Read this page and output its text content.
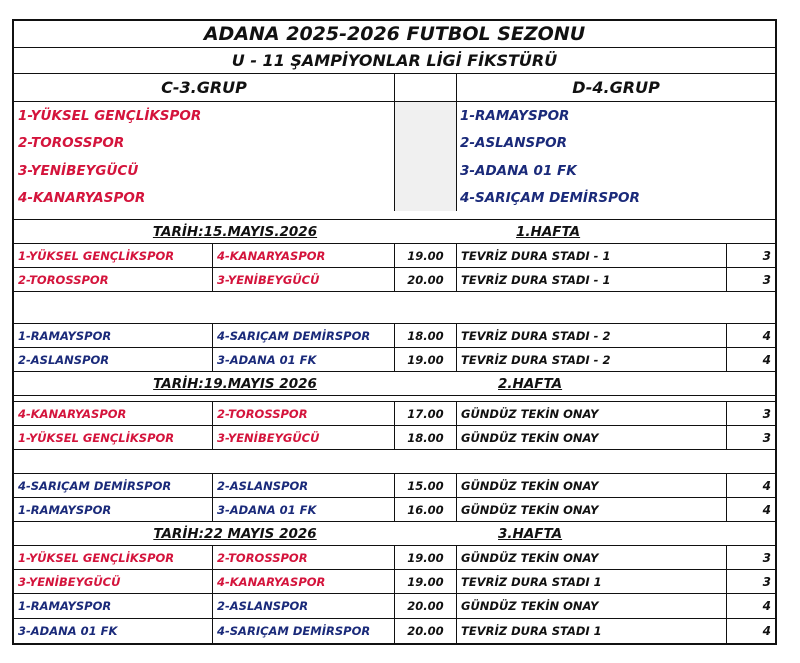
ADANA 2025-2026 FUTBOL SEZONU
U - 11 ŞAMPİYONLAR LİGİ FİKSTÜRÜ
C-3.GRUP	D-4.GRUP
1-YÜKSEL GENÇLİKSPOR	1-RAMAYSPOR
2-TOROSSPOR	2-ASLANSPOR
3-YENİBEYGÜCÜ	3-ADANA 01 FK
4-KANARYASPOR	4-SARIÇAM DEMİRSPOR
TARİH:15.MAYIS.2026	1.HAFTA
1-YÜKSEL GENÇLİKSPOR	4-KANARYASPOR	19.00	TEVRİZ DURA STADI - 1	3
2-TOROSSPOR	3-YENİBEYGÜCÜ	20.00	TEVRİZ DURA STADI - 1	3
1-RAMAYSPOR	4-SARIÇAM DEMİRSPOR	18.00	TEVRİZ DURA STADI - 2	4
2-ASLANSPOR	3-ADANA 01 FK	19.00	TEVRİZ DURA STADI - 2	4
TARİH:19.MAYIS 2026	2.HAFTA
4-KANARYASPOR	2-TOROSSPOR	17.00	GÜNDÜZ TEKİN ONAY	3
1-YÜKSEL GENÇLİKSPOR	3-YENİBEYGÜCÜ	18.00	GÜNDÜZ TEKİN ONAY	3
4-SARIÇAM DEMİRSPOR	2-ASLANSPOR	15.00	GÜNDÜZ TEKİN ONAY	4
1-RAMAYSPOR	3-ADANA 01 FK	16.00	GÜNDÜZ TEKİN ONAY	4
TARİH:22 MAYIS 2026	3.HAFTA
1-YÜKSEL GENÇLİKSPOR	2-TOROSSPOR	19.00	GÜNDÜZ TEKİN ONAY	3
3-YENİBEYGÜCÜ	4-KANARYASPOR	19.00	TEVRİZ DURA STADI 1	3
1-RAMAYSPOR	2-ASLANSPOR	20.00	GÜNDÜZ TEKİN ONAY	4
3-ADANA 01 FK	4-SARIÇAM DEMİRSPOR	20.00	TEVRİZ DURA STADI 1	4
